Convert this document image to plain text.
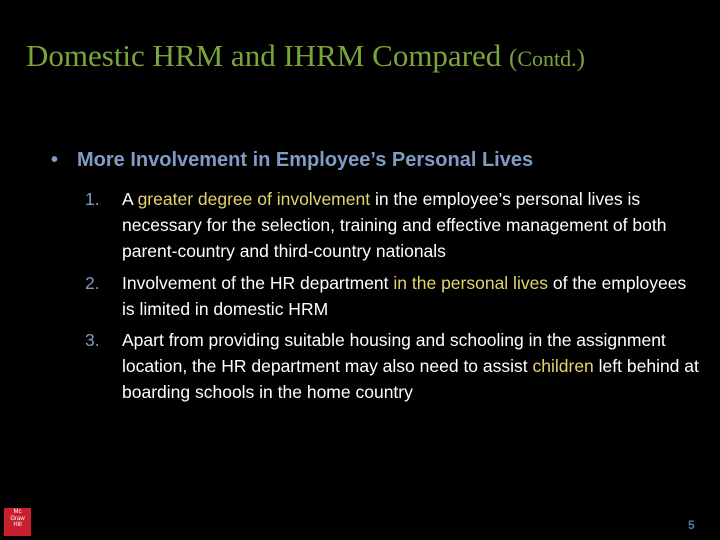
Domestic HRM and IHRM Compared (Contd.)
• More Involvement in Employee’s Personal Lives
1. A greater degree of involvement in the employee’s personal lives is necessary for the selection, training and effective management of both parent-country and third-country nationals
2. Involvement of the HR department in the personal lives of the employees is limited in domestic HRM
3. Apart from providing suitable housing and schooling in the assignment location, the HR department may also need to assist children left behind at boarding schools in the home country
Mc
Graw
Hill	5
